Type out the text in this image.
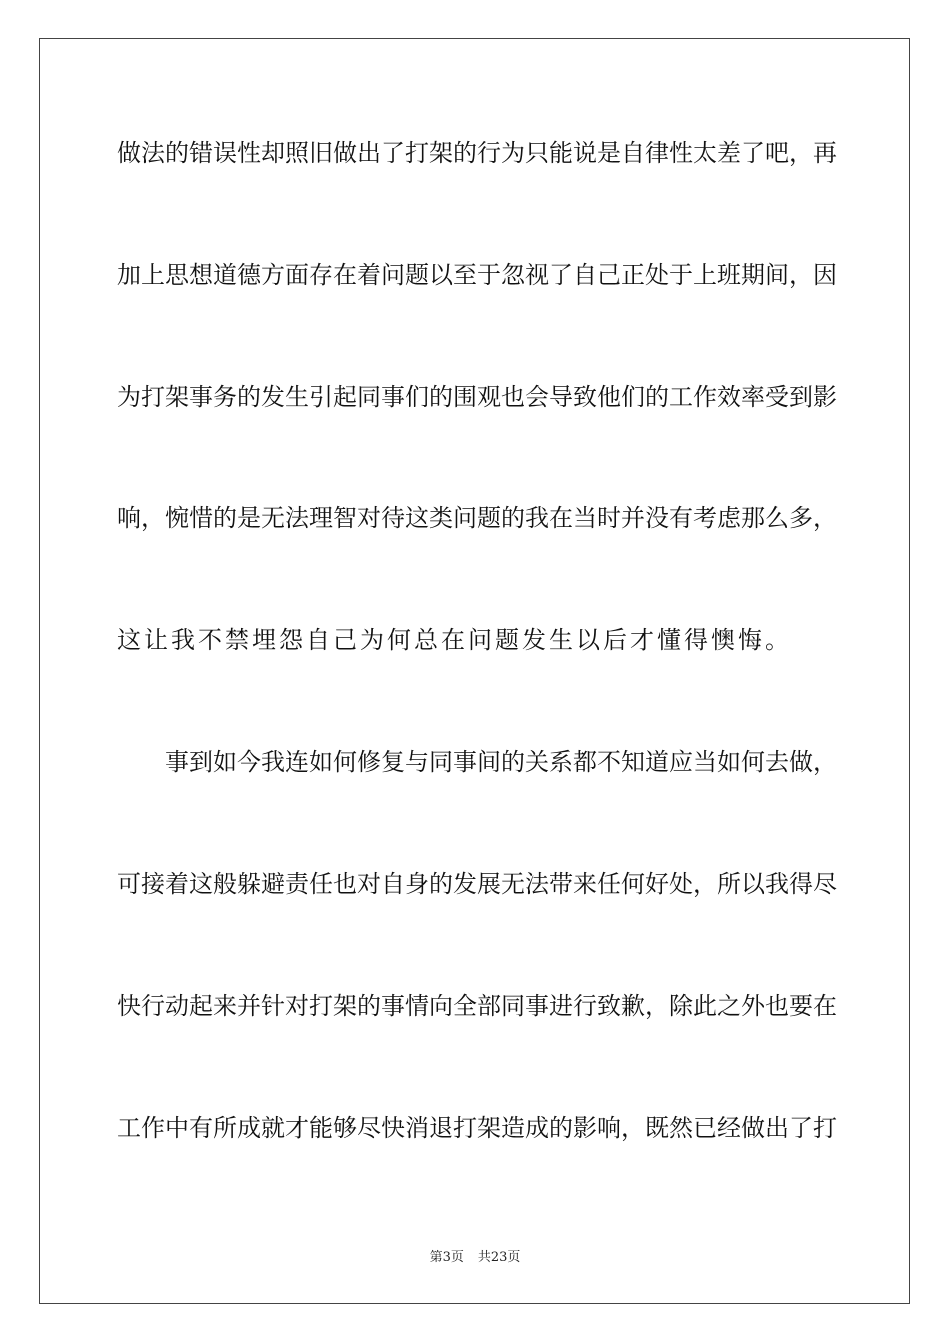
做法的错误性却照旧做出了打架的行为只能说是自律性太差了吧，再
加上思想道德方面存在着问题以至于忽视了自己正处于上班期间，因
为打架事务的发生引起同事们的围观也会导致他们的工作效率受到影
响，惋惜的是无法理智对待这类问题的我在当时并没有考虑那么多，
这让我不禁埋怨自己为何总在问题发生以后才懂得懊悔。
事到如今我连如何修复与同事间的关系都不知道应当如何去做，
可接着这般躲避责任也对自身的发展无法带来任何好处，所以我得尽
快行动起来并针对打架的事情向全部同事进行致歉，除此之外也要在
工作中有所成就才能够尽快消退打架造成的影响，既然已经做出了打
第3页 共23页
